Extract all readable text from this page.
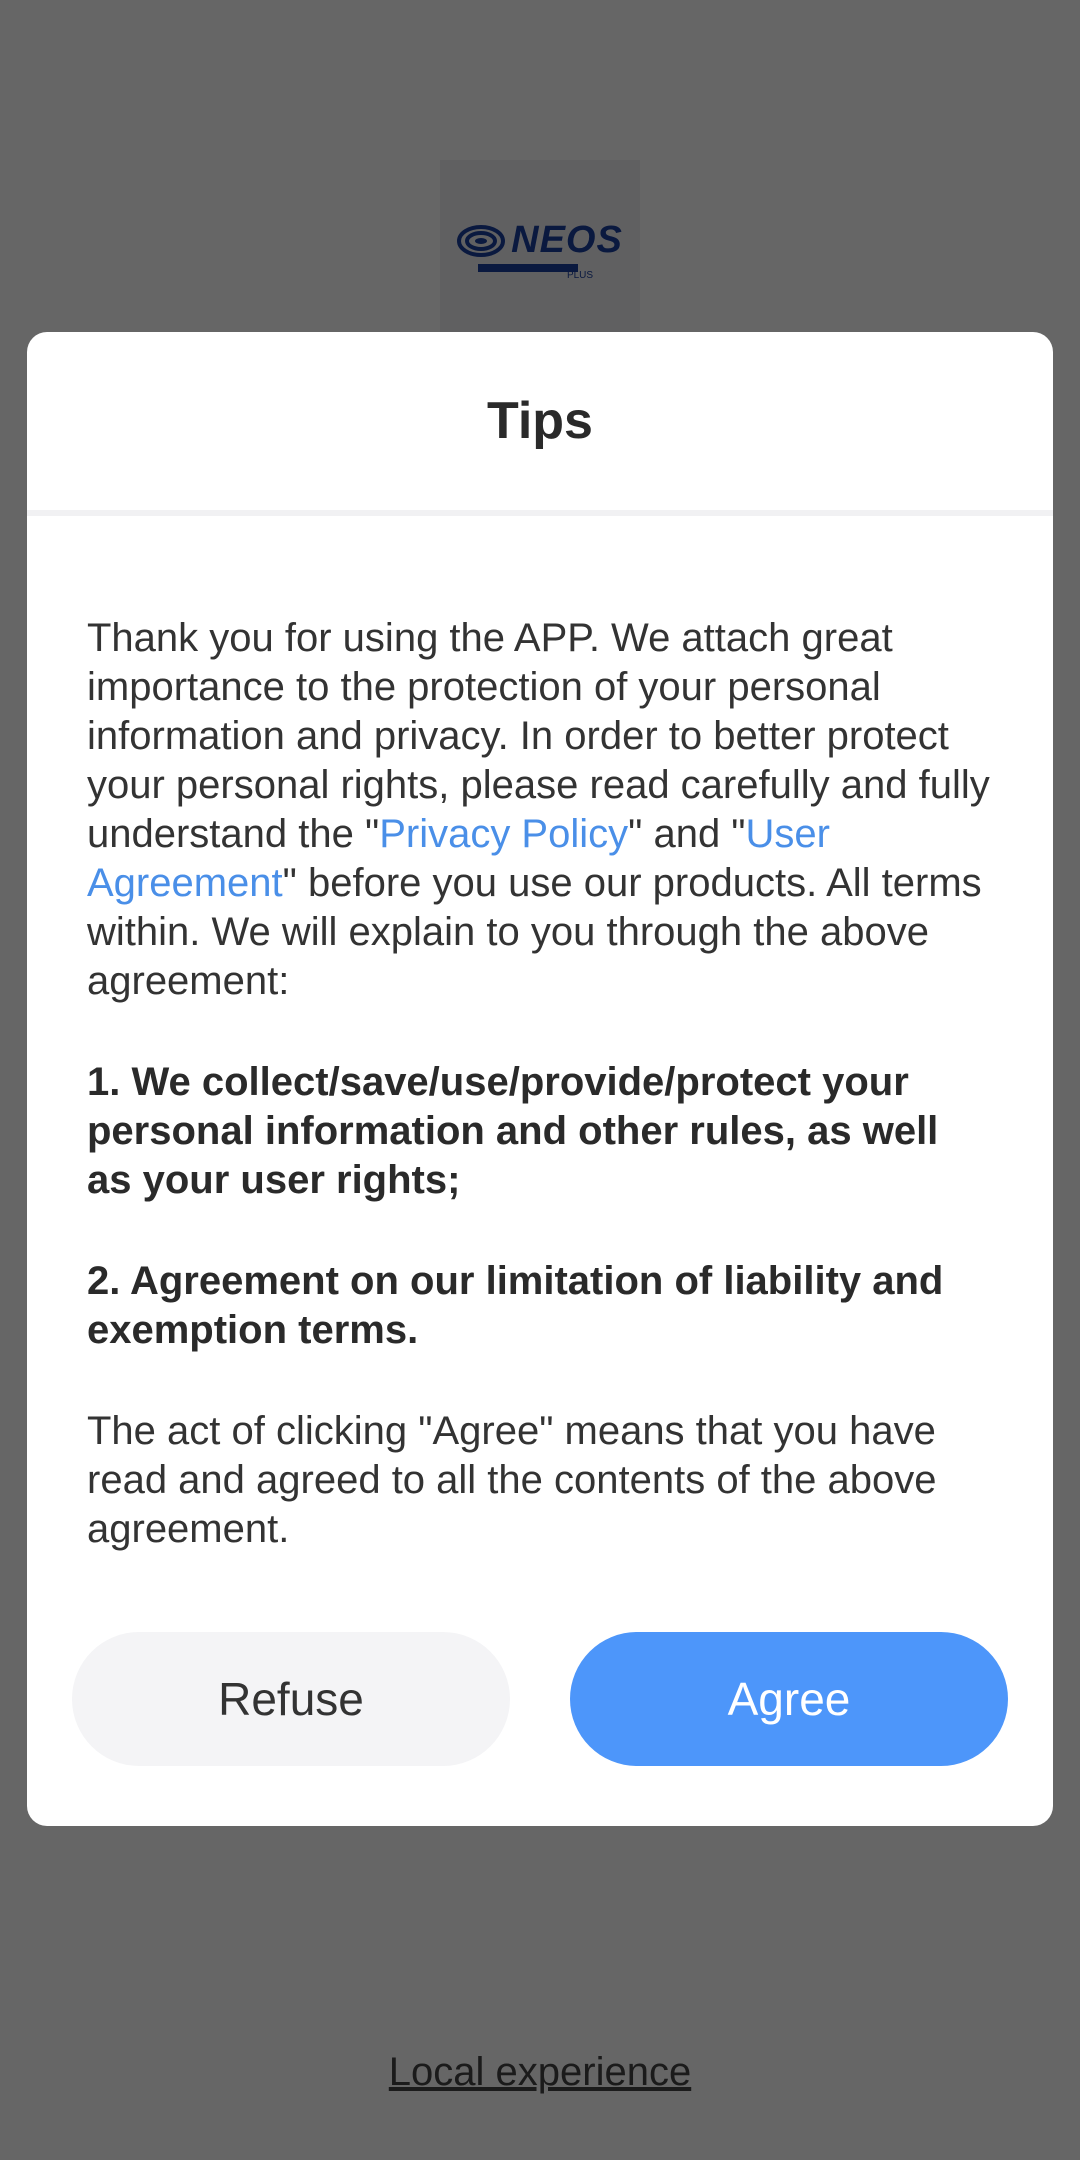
Tips

Thank you for using the APP. We attach great importance to the protection of your personal information and privacy. In order to better protect your personal rights, please read carefully and fully understand the "Privacy Policy" and "User Agreement" before you use our products. All terms within. We will explain to you through the above agreement:

1. We collect/save/use/provide/protect your personal information and other rules, as well as your user rights;

2. Agreement on our limitation of liability and exemption terms.

The act of clicking "Agree" means that you have read and agreed to all the contents of the above agreement.

Refuse	Agree
